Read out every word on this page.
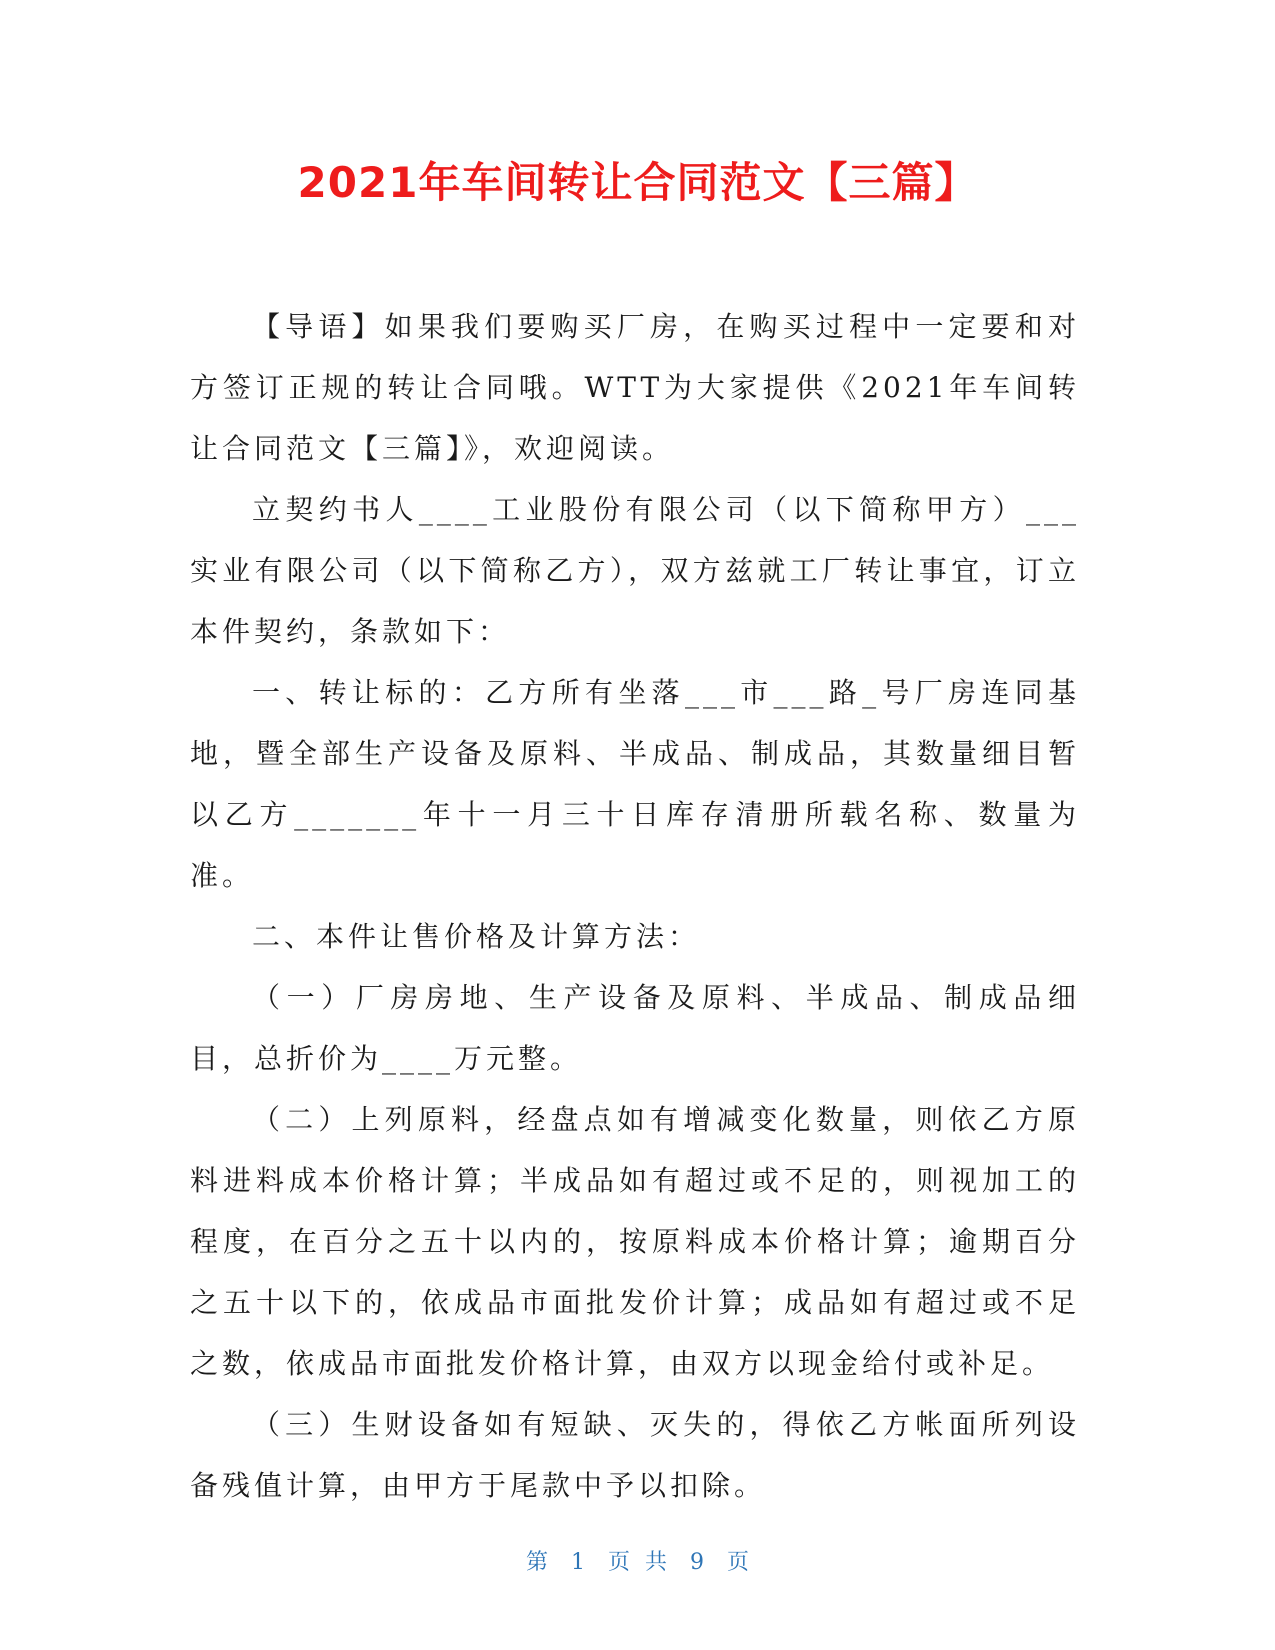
2021年车间转让合同范文【三篇】

【导语】如果我们要购买厂房，在购买过程中一定要和对方签订正规的转让合同哦。WTT为大家提供《2021年车间转让合同范文【三篇】》，欢迎阅读。

立契约书人____工业股份有限公司（以下简称甲方）___实业有限公司（以下简称乙方），双方兹就工厂转让事宜，订立本件契约，条款如下：

一、转让标的：乙方所有坐落___市___路_号厂房连同基地，暨全部生产设备及原料、半成品、制成品，其数量细目暂以乙方_______年十一月三十日库存清册所载名称、数量为准。

二、本件让售价格及计算方法：

（一）厂房房地、生产设备及原料、半成品、制成品细目，总折价为____万元整。

（二）上列原料，经盘点如有增减变化数量，则依乙方原料进料成本价格计算；半成品如有超过或不足的，则视加工的程度，在百分之五十以内的，按原料成本价格计算；逾期百分之五十以下的，依成品市面批发价计算；成品如有超过或不足之数，依成品市面批发价格计算，由双方以现金给付或补足。

（三）生财设备如有短缺、灭失的，得依乙方帐面所列设备残值计算，由甲方于尾款中予以扣除。

第 1 页 共 9 页
